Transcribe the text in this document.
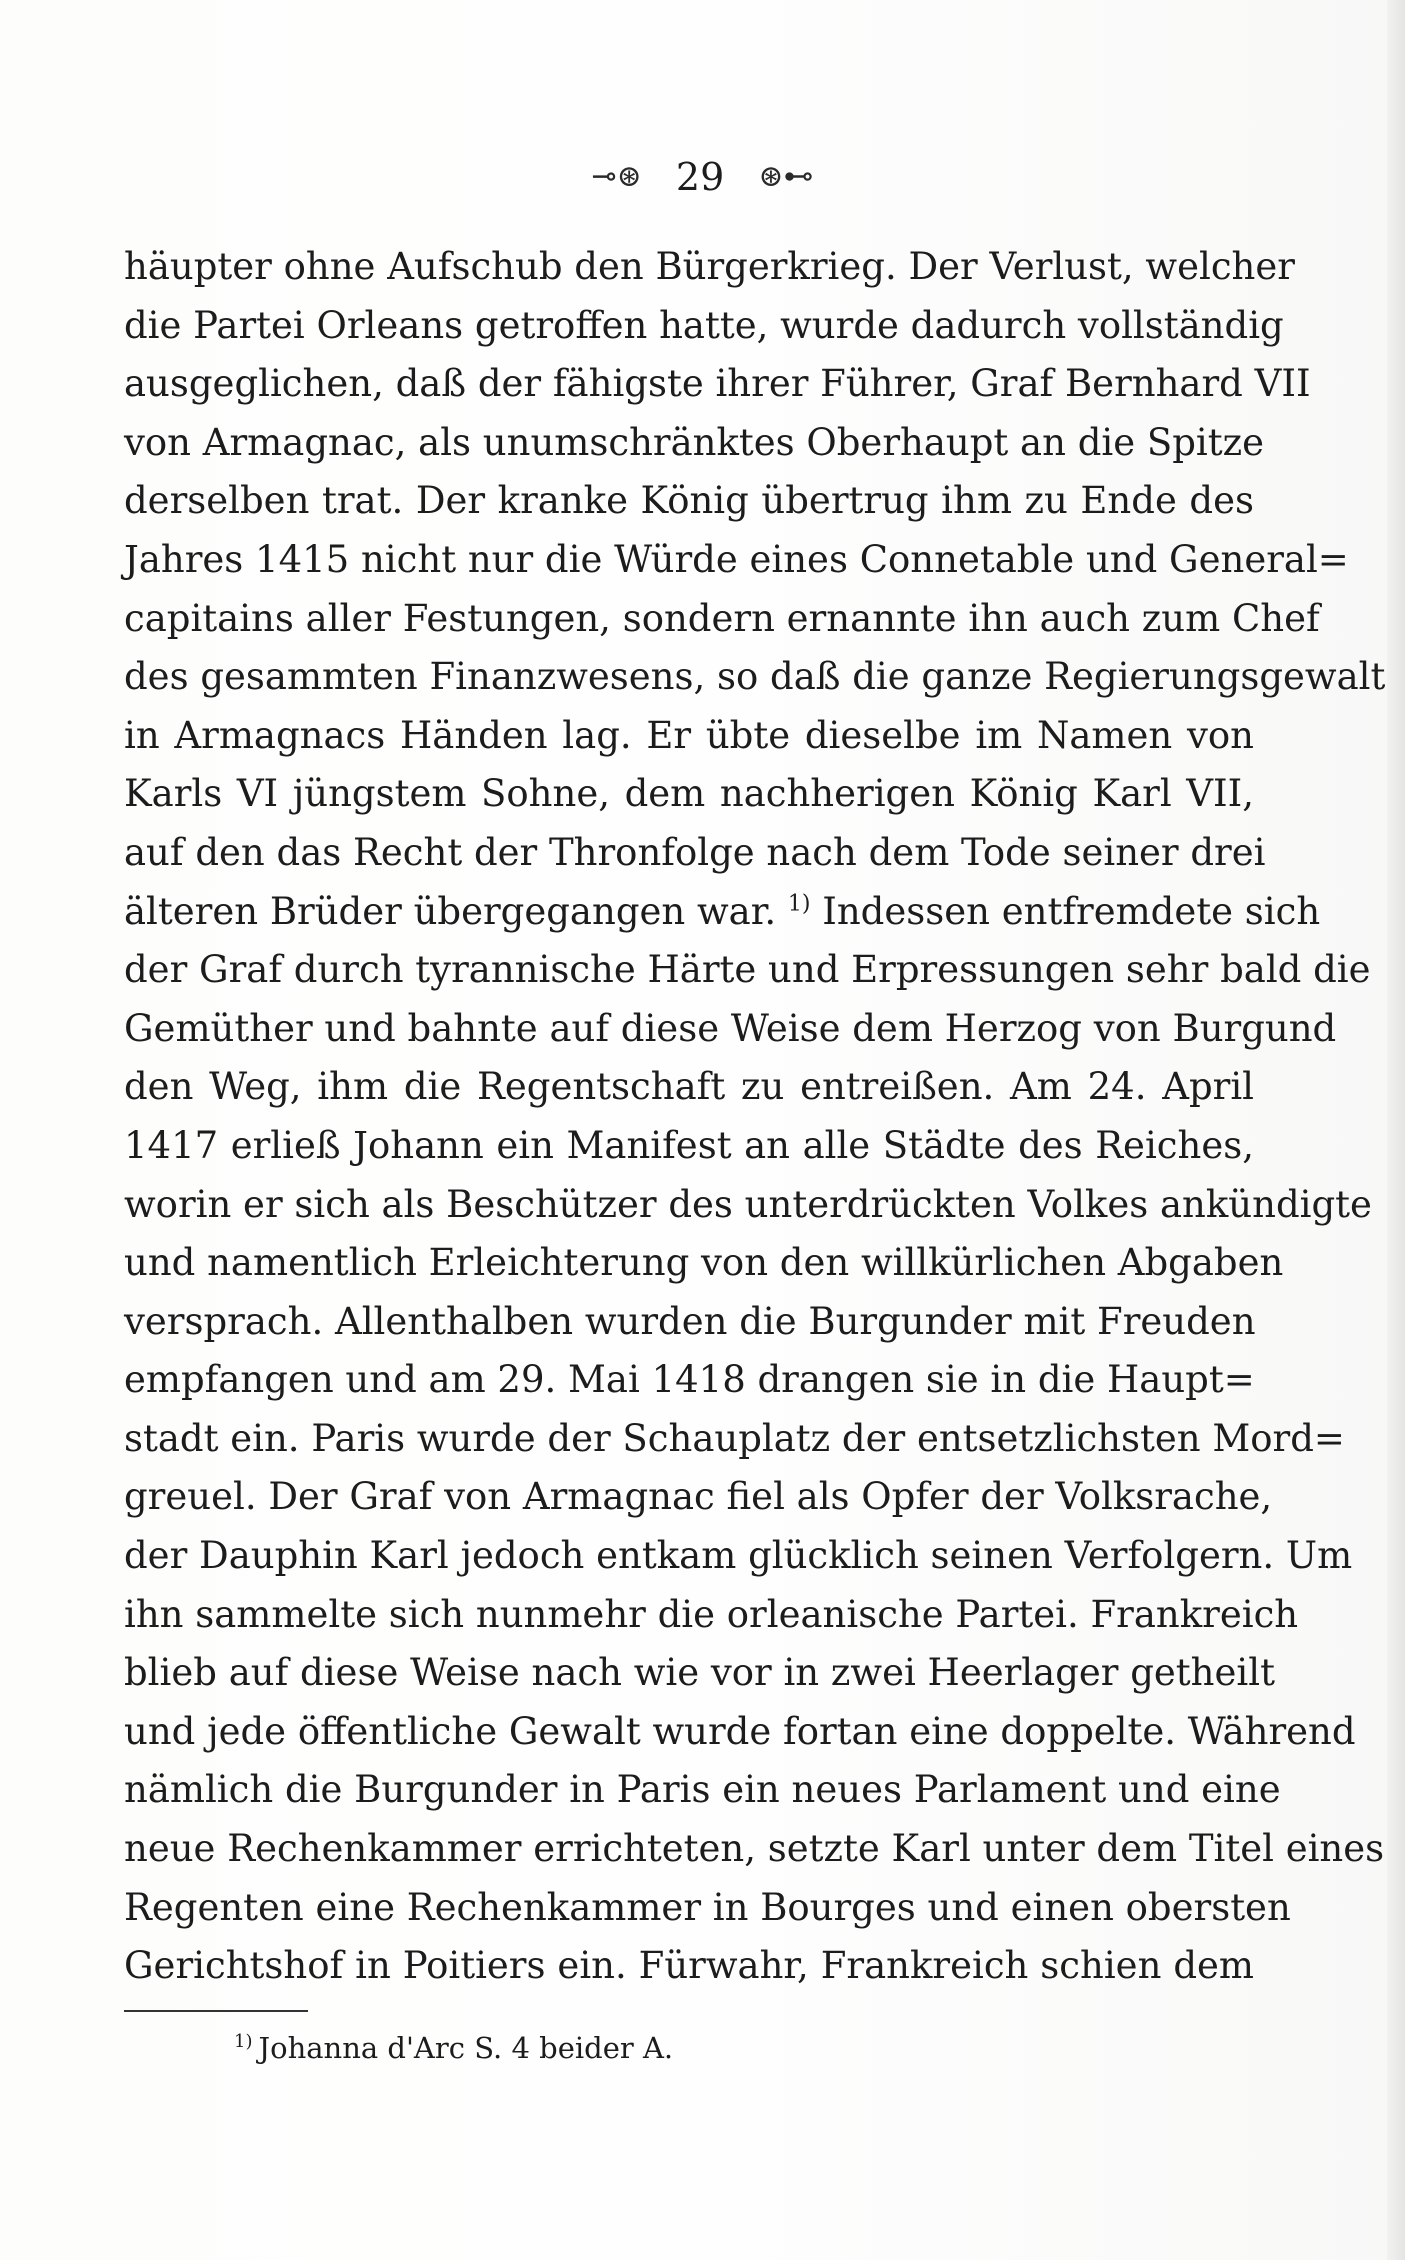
⊸⊛ 29 ⊛⊷
häupter ohne Aufschub den Bürgerkrieg. Der Verlust, welcher
die Partei Orleans getroffen hatte, wurde dadurch vollständig
ausgeglichen, daß der fähigste ihrer Führer, Graf Bernhard VII
von Armagnac, als unumschränktes Oberhaupt an die Spitze
derselben trat. Der kranke König übertrug ihm zu Ende des
Jahres 1415 nicht nur die Würde eines Connetable und General=
capitains aller Festungen, sondern ernannte ihn auch zum Chef
des gesammten Finanzwesens, so daß die ganze Regierungsgewalt
in Armagnacs Händen lag. Er übte dieselbe im Namen von
Karls VI jüngstem Sohne, dem nachherigen König Karl VII,
auf den das Recht der Thronfolge nach dem Tode seiner drei
älteren Brüder übergegangen war. $^{1)}$ Indessen entfremdete sich
der Graf durch tyrannische Härte und Erpressungen sehr bald die
Gemüther und bahnte auf diese Weise dem Herzog von Burgund
den Weg, ihm die Regentschaft zu entreißen. Am 24. April
1417 erließ Johann ein Manifest an alle Städte des Reiches,
worin er sich als Beschützer des unterdrückten Volkes ankündigte
und namentlich Erleichterung von den willkürlichen Abgaben
versprach. Allenthalben wurden die Burgunder mit Freuden
empfangen und am 29. Mai 1418 drangen sie in die Haupt=
stadt ein. Paris wurde der Schauplatz der entsetzlichsten Mord=
greuel. Der Graf von Armagnac fiel als Opfer der Volksrache,
der Dauphin Karl jedoch entkam glücklich seinen Verfolgern. Um
ihn sammelte sich nunmehr die orleanische Partei. Frankreich
blieb auf diese Weise nach wie vor in zwei Heerlager getheilt
und jede öffentliche Gewalt wurde fortan eine doppelte. Während
nämlich die Burgunder in Paris ein neues Parlament und eine
neue Rechenkammer errichteten, setzte Karl unter dem Titel eines
Regenten eine Rechenkammer in Bourges und einen obersten
Gerichtshof in Poitiers ein. Fürwahr, Frankreich schien dem
$^{1)}$ Johanna d'Arc S. 4 beider A.
